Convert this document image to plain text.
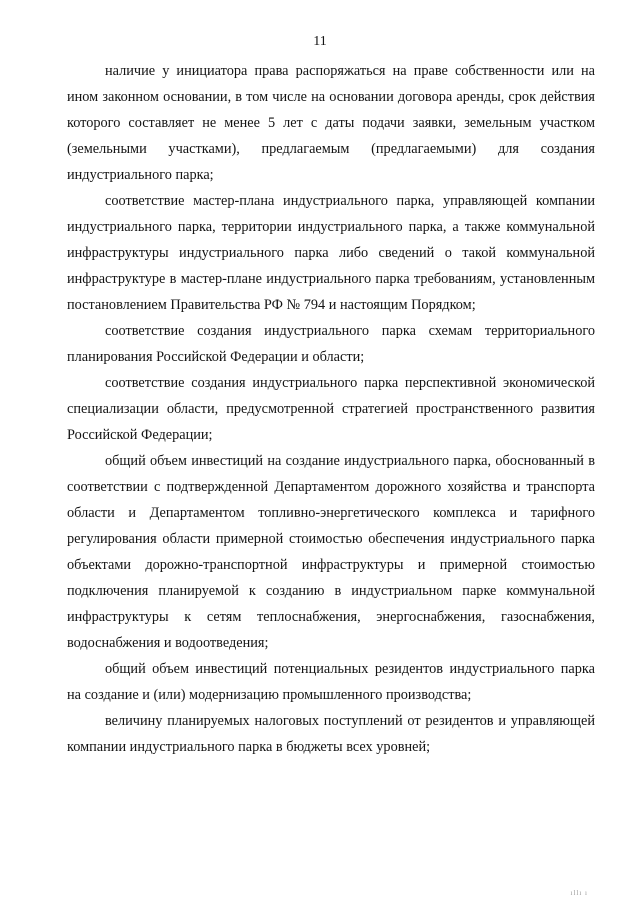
11

наличие у инициатора права распоряжаться на праве собственности или на ином законном основании, в том числе на основании договора аренды, срок действия которого составляет не менее 5 лет с даты подачи заявки, земельным участком (земельными участками), предлагаемым (предлагаемыми) для создания индустриального парка;

соответствие мастер-плана индустриального парка, управляющей компании индустриального парка, территории индустриального парка, а также коммунальной инфраструктуры индустриального парка либо сведений о такой коммунальной инфраструктуре в мастер-плане индустриального парка требованиям, установленным постановлением Правительства РФ № 794 и настоящим Порядком;

соответствие создания индустриального парка схемам территориального планирования Российской Федерации и области;

соответствие создания индустриального парка перспективной экономической специализации области, предусмотренной стратегией пространственного развития Российской Федерации;

общий объем инвестиций на создание индустриального парка, обоснованный в соответствии с подтвержденной Департаментом дорожного хозяйства и транспорта области и Департаментом топливно-энергетического комплекса и тарифного регулирования области примерной стоимостью обеспечения индустриального парка объектами дорожно-транспортной инфраструктуры и примерной стоимостью подключения планируемой к созданию в индустриальном парке коммунальной инфраструктуры к сетям теплоснабжения, энергоснабжения, газоснабжения, водоснабжения и водоотведения;

общий объем инвестиций потенциальных резидентов индустриального парка на создание и (или) модернизацию промышленного производства;

величину планируемых налоговых поступлений от резидентов и управляющей компании индустриального парка в бюджеты всех уровней;

ıllı ı
